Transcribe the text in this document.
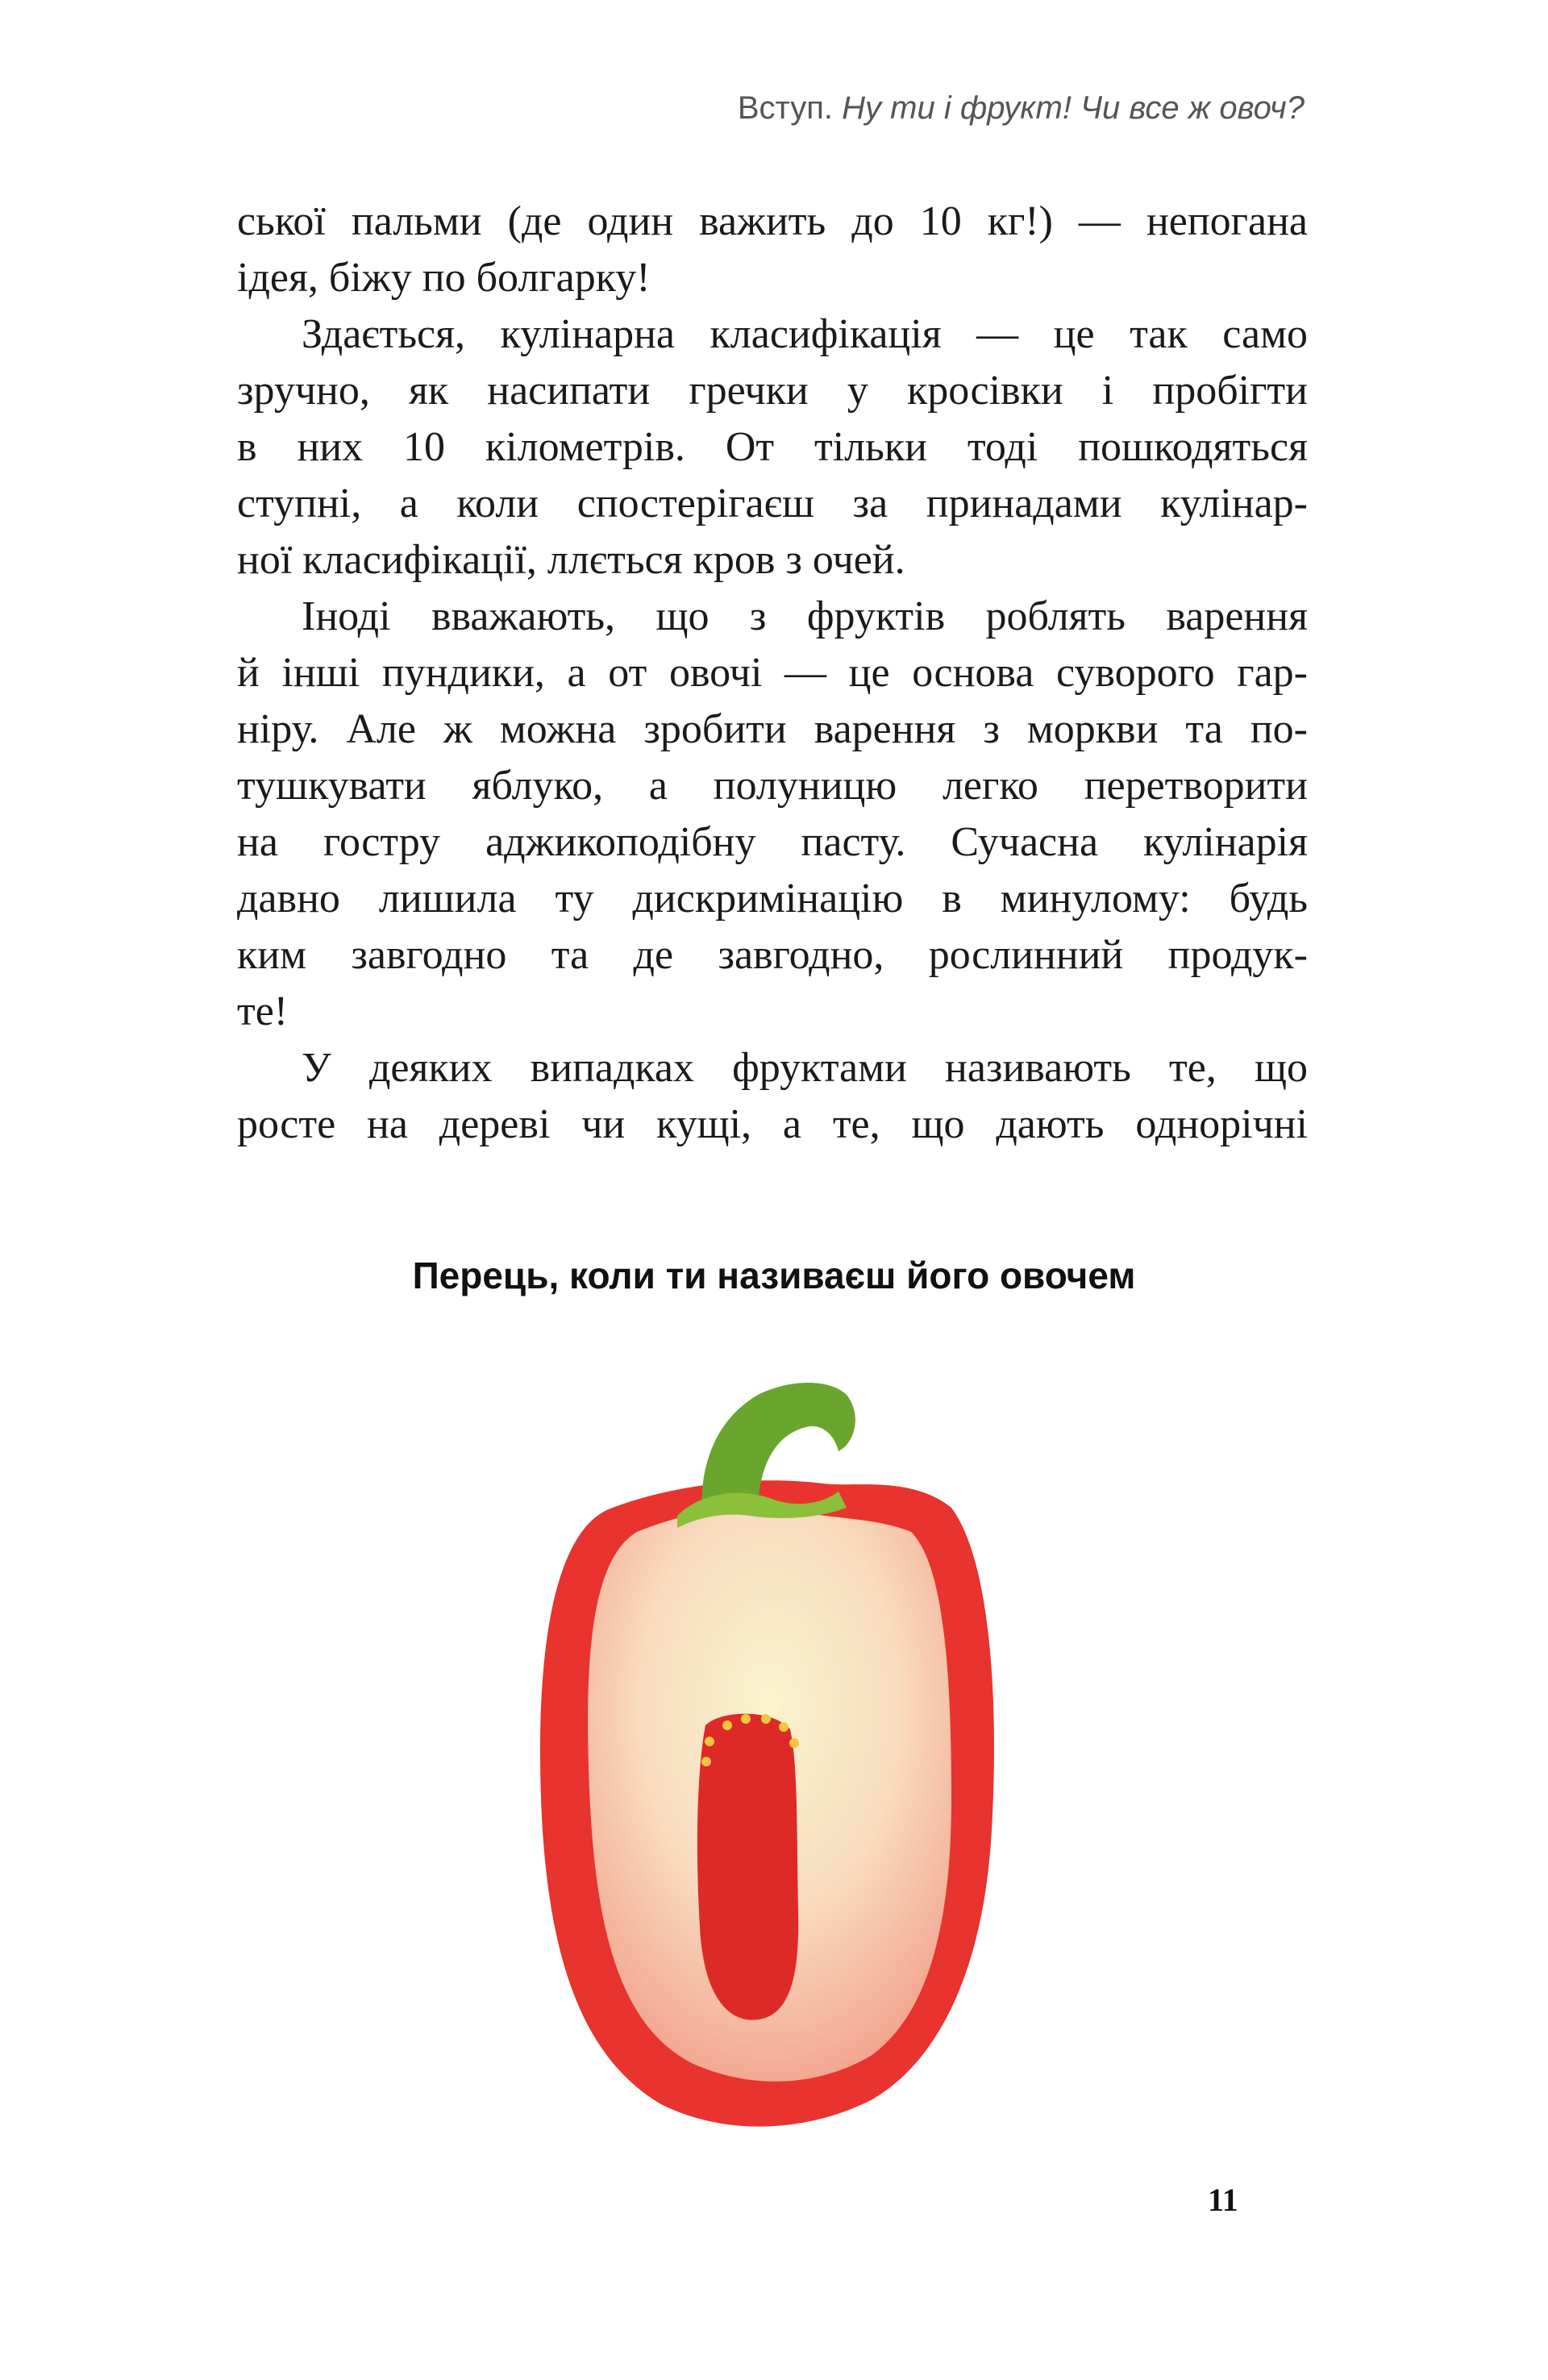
Вступ. Ну ти і фрукт! Чи все ж овоч?
ської пальми (де один важить до 10 кг!) — непогана
ідея, біжу по болгарку!
Здається, кулінарна класифікація — це так само
зручно, як насипати гречки у кросівки і пробігти
в них 10 кілометрів. От тільки тоді пошкодяться
ступні, а коли спостерігаєш за принадами кулінар-
ної класифікації, ллється кров з очей.
Іноді вважають, що з фруктів роблять варення
й інші пундики, а от овочі — це основа суворого гар-
ніру. Але ж можна зробити варення з моркви та по-
тушкувати яблуко, а полуницю легко перетворити
на гостру аджикоподібну пасту. Сучасна кулінарія
давно лишила ту дискримінацію в минулому: будь
ким завгодно та де завгодно, рослинний продук-
те!
У деяких випадках фруктами називають те, що
росте на дереві чи кущі, а те, що дають однорічні
Перець, коли ти називаєш його овочем
11
